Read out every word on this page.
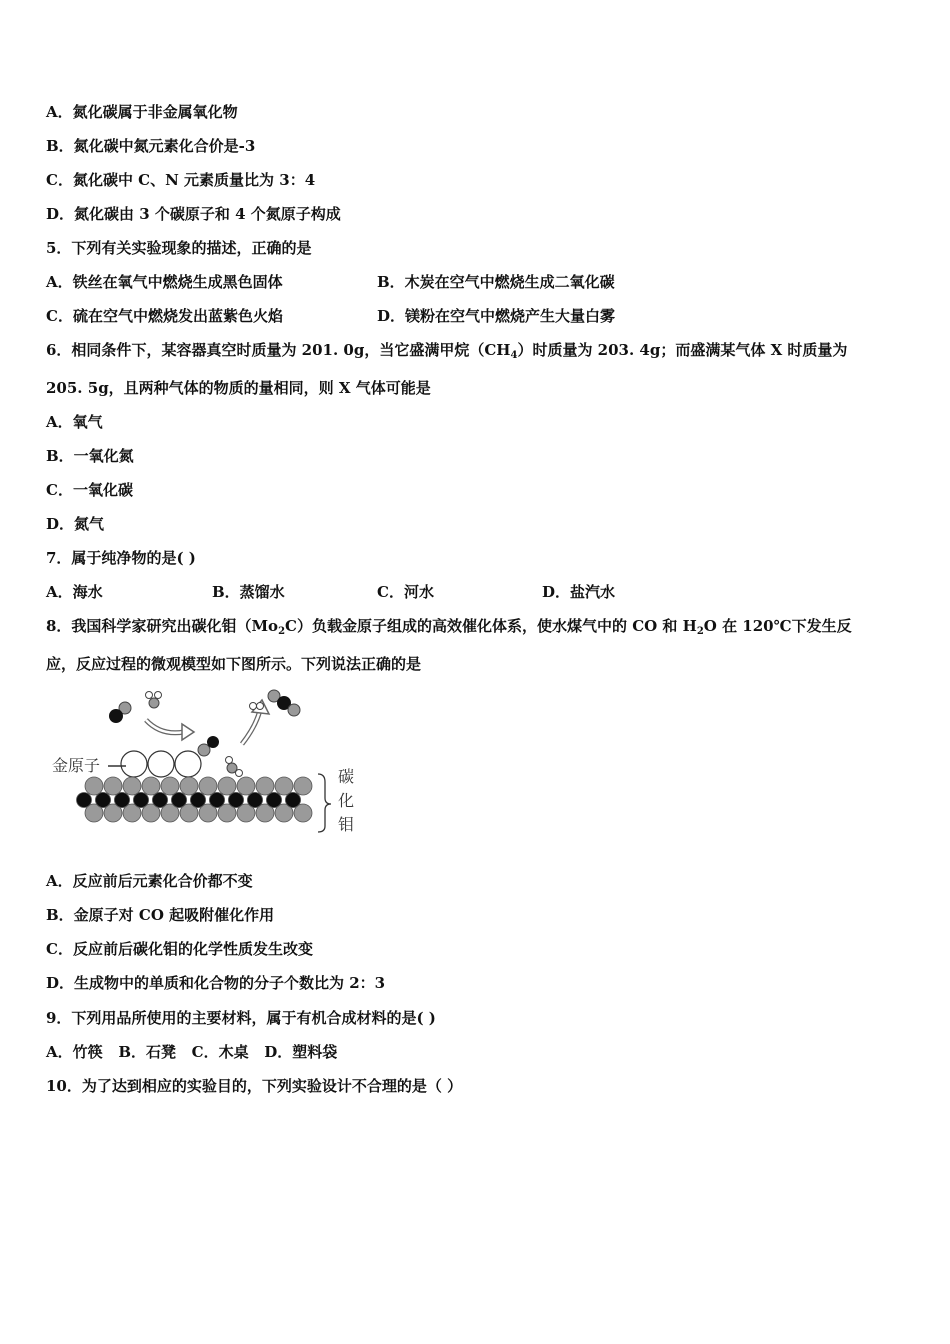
A．氮化碳属于非金属氧化物
B．氮化碳中氮元素化合价是-3
C．氮化碳中 C、N 元素质量比为 3：4
D．氮化碳由 3 个碳原子和 4 个氮原子构成
5．下列有关实验现象的描述，正确的是
A．铁丝在氧气中燃烧生成黑色固体	B．木炭在空气中燃烧生成二氧化碳
C．硫在空气中燃烧发出蓝紫色火焰	D．镁粉在空气中燃烧产生大量白雾
6．相同条件下，某容器真空时质量为 201. 0g，当它盛满甲烷$(CH_4)$时质量为 203. 4g；而盛满某气体 X 时质量为
205. 5g，且两种气体的物质的量相同，则 X 气体可能是
A．氧气
B．一氧化氮
C．一氧化碳
D．氮气
7．属于纯净物的是( )
A．海水	B．蒸馏水	C．河水	D．盐汽水
8．我国科学家研究出碳化钼$(Mo_2C)$负载金原子组成的高效催化体系，使水煤气中的 CO 和 $H_2O$ 在 120℃下发生反
应，反应过程的微观模型如下图所示。下列说法正确的是
金原子
碳
化
钼
A．反应前后元素化合价都不变
B．金原子对 CO 起吸附催化作用
C．反应前后碳化钼的化学性质发生改变
D．生成物中的单质和化合物的分子个数比为 2：3
9．下列用品所使用的主要材料，属于有机合成材料的是( )
A．竹筷 B．石凳 C．木桌 D．塑料袋
10．为了达到相应的实验目的，下列实验设计不合理的是（ ）
